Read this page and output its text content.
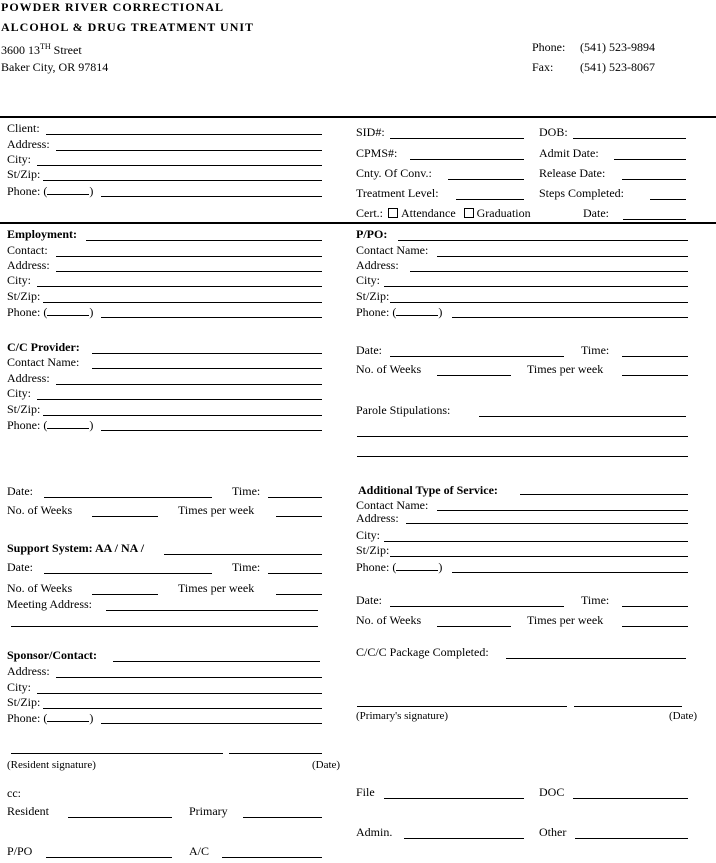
POWDER RIVER CORRECTIONAL
ALCOHOL & DRUG TREATMENT UNIT
3600 13TH Street
Baker City, OR 97814
Phone: (541) 523-9894
Fax: (541) 523-8067
Client:
Address:
City:
St/Zip:
Phone: (	)
SID#:	DOB:
CPMS#:	Admit Date:
Cnty. Of Conv.:	Release Date:
Treatment Level:	Steps Completed:
Cert.: Attendance Graduation	Date:
Employment:
Contact:
Address:
City:
St/Zip:
Phone: (	)
P/PO:
Contact Name:
Address:
City:
St/Zip:
Phone: (	)
C/C Provider:
Contact Name:
Address:
City:
St/Zip:
Phone: (	)
Date:	Time:
No. of Weeks	Times per week
Parole Stipulations:
Date:	Time:
No. of Weeks	Times per week
Additional Type of Service:
Contact Name:
Address:
City:
St/Zip:
Phone: (	)
Date:	Time:
No. of Weeks	Times per week
Support System: AA / NA /
Date:	Time:
No. of Weeks	Times per week
Meeting Address:
Sponsor/Contact:
Address:
City:
St/Zip:
Phone: (	)
C/C/C Package Completed:
(Primary's signature)	(Date)
(Resident signature)	(Date)
cc:
Resident	Primary
P/PO	A/C
File	DOC
Admin.	Other
